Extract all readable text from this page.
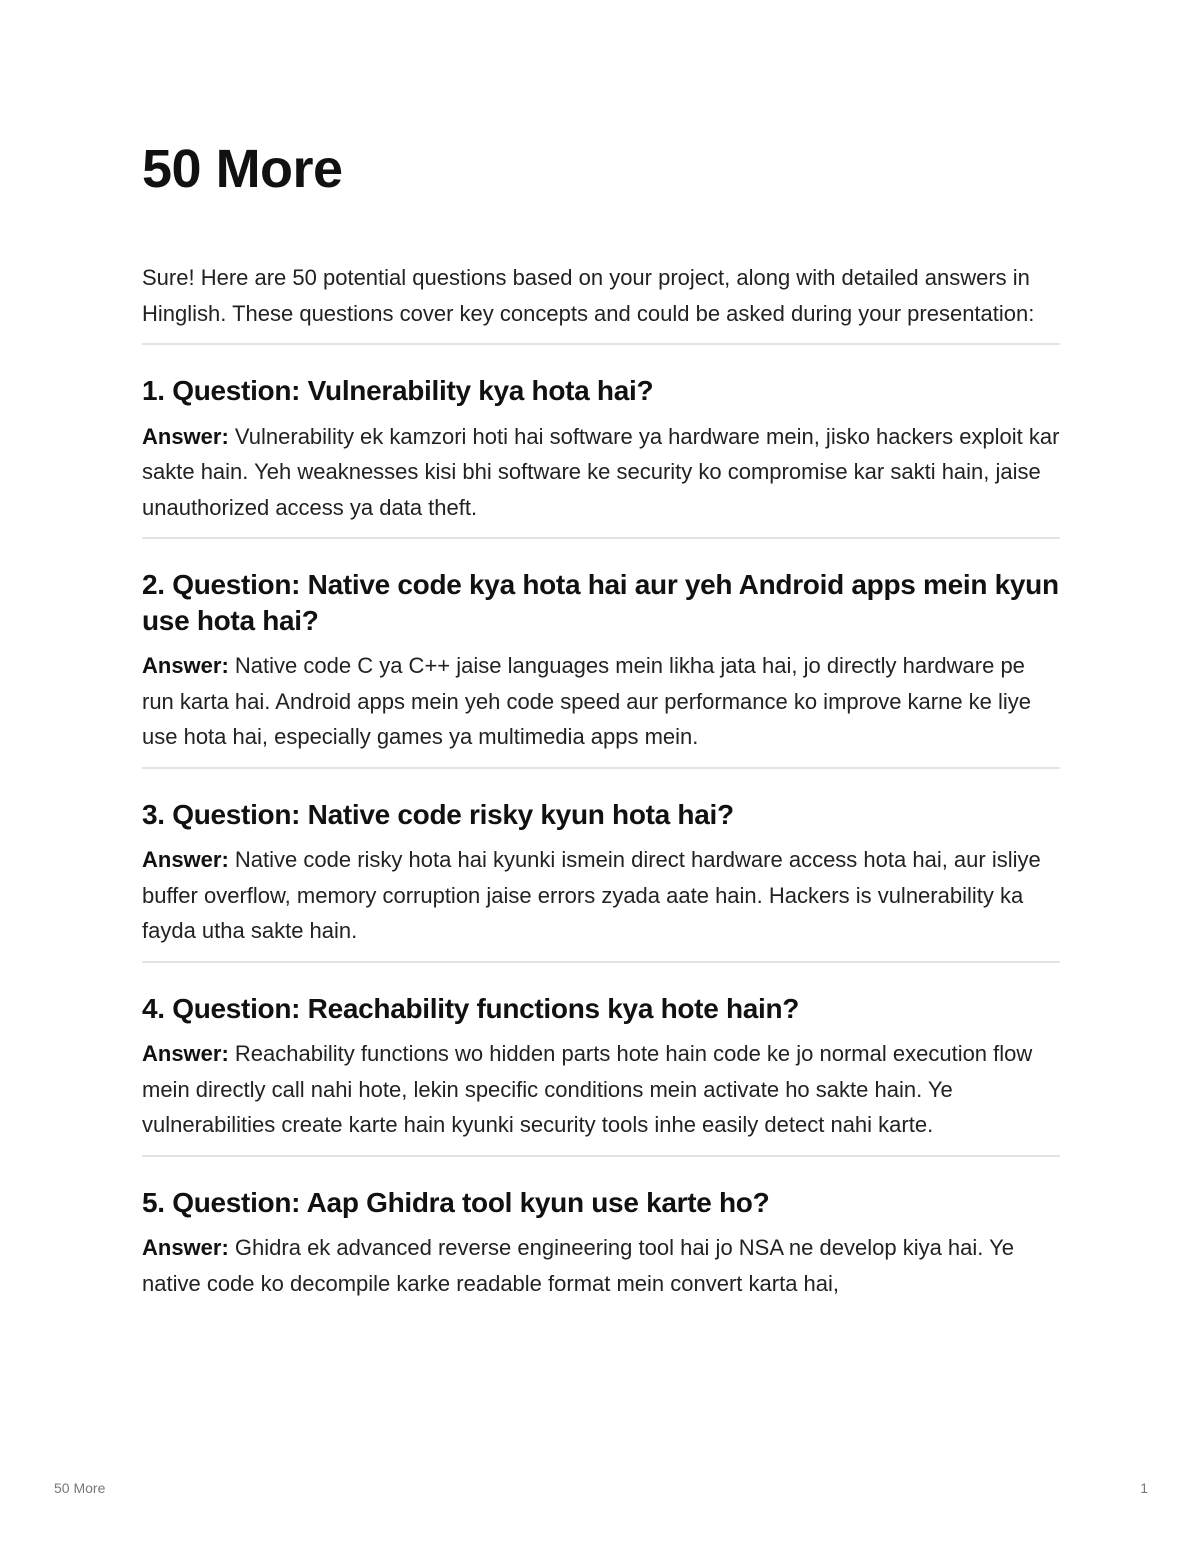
50 More
Sure! Here are 50 potential questions based on your project, along with detailed answers in Hinglish. These questions cover key concepts and could be asked during your presentation:
1. Question: Vulnerability kya hota hai?
Answer: Vulnerability ek kamzori hoti hai software ya hardware mein, jisko hackers exploit kar sakte hain. Yeh weaknesses kisi bhi software ke security ko compromise kar sakti hain, jaise unauthorized access ya data theft.
2. Question: Native code kya hota hai aur yeh Android apps mein kyun use hota hai?
Answer: Native code C ya C++ jaise languages mein likha jata hai, jo directly hardware pe run karta hai. Android apps mein yeh code speed aur performance ko improve karne ke liye use hota hai, especially games ya multimedia apps mein.
3. Question: Native code risky kyun hota hai?
Answer: Native code risky hota hai kyunki ismein direct hardware access hota hai, aur isliye buffer overflow, memory corruption jaise errors zyada aate hain. Hackers is vulnerability ka fayda utha sakte hain.
4. Question: Reachability functions kya hote hain?
Answer: Reachability functions wo hidden parts hote hain code ke jo normal execution flow mein directly call nahi hote, lekin specific conditions mein activate ho sakte hain. Ye vulnerabilities create karte hain kyunki security tools inhe easily detect nahi karte.
5. Question: Aap Ghidra tool kyun use karte ho?
Answer: Ghidra ek advanced reverse engineering tool hai jo NSA ne develop kiya hai. Ye native code ko decompile karke readable format mein convert karta hai,
50 More	1
